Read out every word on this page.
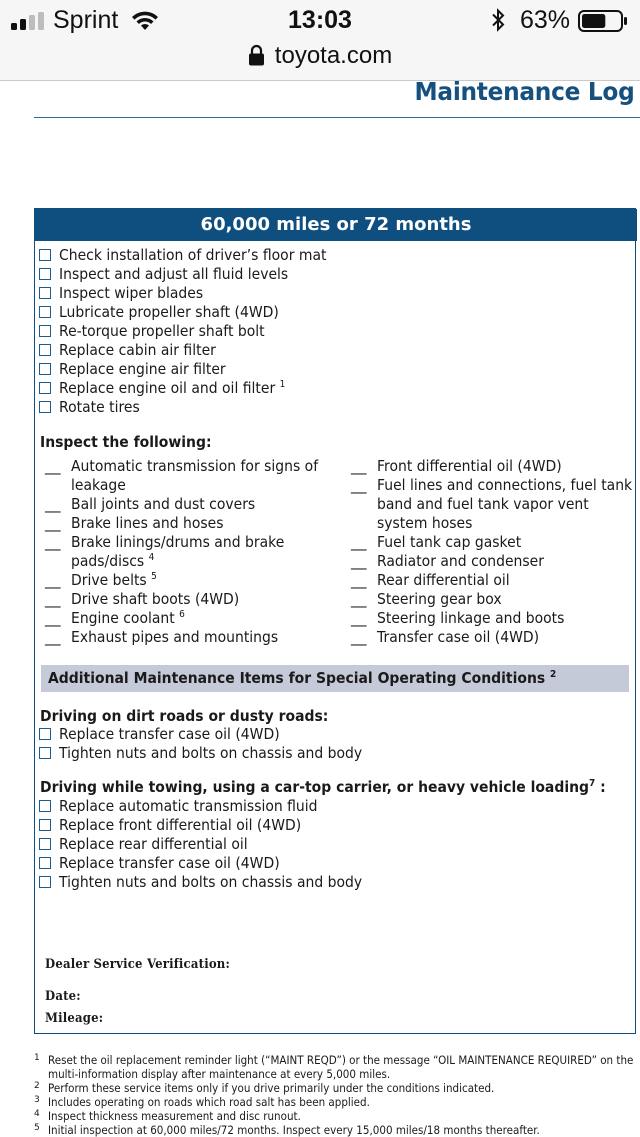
Sprint	13:03	63%
toyota.com
Maintenance Log
60,000 miles or 72 months
Check installation of driver’s floor mat
Inspect and adjust all fluid levels
Inspect wiper blades
Lubricate propeller shaft (4WD)
Re-torque propeller shaft bolt
Replace cabin air filter
Replace engine air filter
Replace engine oil and oil filter $^1$
Rotate tires
Inspect the following:
__ Automatic transmission for signs of leakage
__ Ball joints and dust covers
__ Brake lines and hoses
__ Brake linings/drums and brake pads/discs $^4$
__ Drive belts $^5$
__ Drive shaft boots (4WD)
__ Engine coolant $^6$
__ Exhaust pipes and mountings
__ Front differential oil (4WD)
__ Fuel lines and connections, fuel tank band and fuel tank vapor vent system hoses
__ Fuel tank cap gasket
__ Radiator and condenser
__ Rear differential oil
__ Steering gear box
__ Steering linkage and boots
__ Transfer case oil (4WD)
Additional Maintenance Items for Special Operating Conditions $^2$
Driving on dirt roads or dusty roads:
Replace transfer case oil (4WD)
Tighten nuts and bolts on chassis and body
Driving while towing, using a car-top carrier, or heavy vehicle loading$^7$ :
Replace automatic transmission fluid
Replace front differential oil (4WD)
Replace rear differential oil
Replace transfer case oil (4WD)
Tighten nuts and bolts on chassis and body
Dealer Service Verification:
Date:
Mileage:
1 Reset the oil replacement reminder light (“MAINT REQD”) or the message “OIL MAINTENANCE REQUIRED” on the multi-information display after maintenance at every 5,000 miles.
2 Perform these service items only if you drive primarily under the conditions indicated.
3 Includes operating on roads which road salt has been applied.
4 Inspect thickness measurement and disc runout.
5 Initial inspection at 60,000 miles/72 months. Inspect every 15,000 miles/18 months thereafter.
